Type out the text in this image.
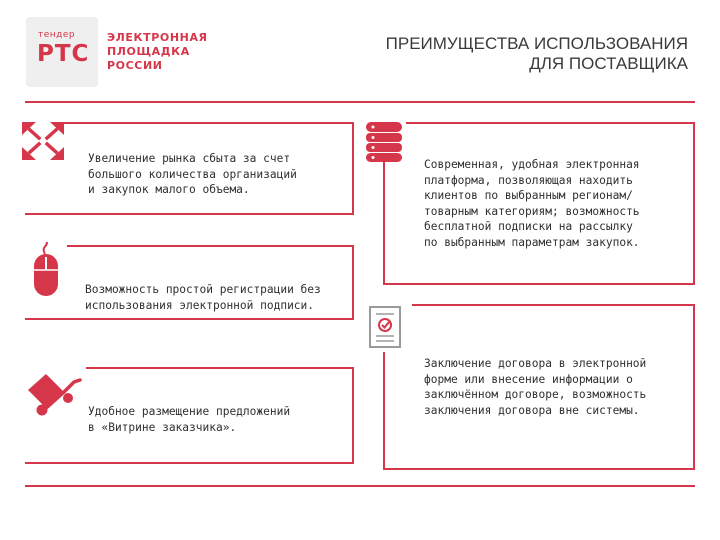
тендер
РТС
ЭЛЕКТРОННАЯ
ПЛОЩАДКА
РОССИИ
ПРЕИМУЩЕСТВА ИСПОЛЬЗОВАНИЯ
ДЛЯ ПОСТАВЩИКА
Увеличение рынка сбыта за счет
большого количества организаций
и закупок малого объема.
Современная, удобная электронная
платформа, позволяющая находить
клиентов по выбранным регионам/
товарным категориям; возможность
бесплатной подписки на рассылку
по выбранным параметрам закупок.
Возможность простой регистрации без
использования электронной подписи.
Заключение договора в электронной
форме или внесение информации о
заключённом договоре, возможность
заключения договора вне системы.
Удобное размещение предложений
в «Витрине заказчика».
